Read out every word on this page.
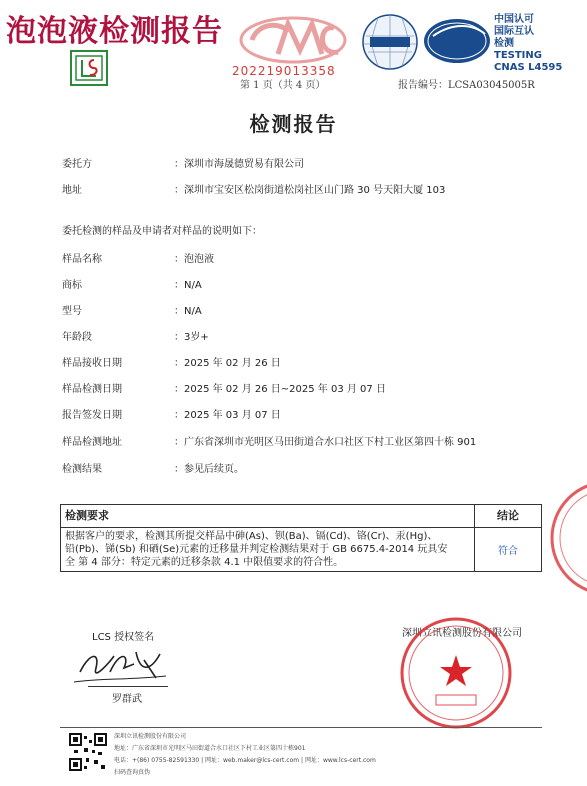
泡泡液检测报告
202219013358
第 1 页（共 4 页）
中国认可
国际互认
检测
TESTING
CNAS L4595
报告编号：LCSA03045005R
检测报告
委托方	：深圳市海晟德贸易有限公司
地址	：深圳市宝安区松岗街道松岗社区山门路 30 号天阳大厦 103
委托检测的样品及申请者对样品的说明如下：
样品名称	：泡泡液
商标	：N/A
型号	：N/A
年龄段	：3岁+
样品接收日期	：2025 年 02 月 26 日
样品检测日期	：2025 年 02 月 26 日~2025 年 03 月 07 日
报告签发日期	：2025 年 03 月 07 日
样品检测地址	：广东省深圳市光明区马田街道合水口社区下村工业区第四十栋 901
检测结果	：参见后续页。
检测要求	结论

根据客户的要求，检测其所提交样品中砷(As)、钡(Ba)、镉(Cd)、铬(Cr)、汞(Hg)、
铅(Pb)、锑(Sb) 和硒(Se)元素的迁移量并判定检测结果对于 GB 6675.4-2014 玩具安
全 第 4 部分：特定元素的迁移条款 4.1 中限值要求的符合性。	符合
LCS 授权签名
罗群武
深圳立讯检测股份有限公司
深圳立讯检测股份有限公司
地址：广东省深圳市光明区马田街道合水口社区下村工业区第四十栋901
电话：+(86) 0755-82591330 | 网址：web.maker@lcs-cert.com | 网址：www.lcs-cert.com
扫码查询真伪
